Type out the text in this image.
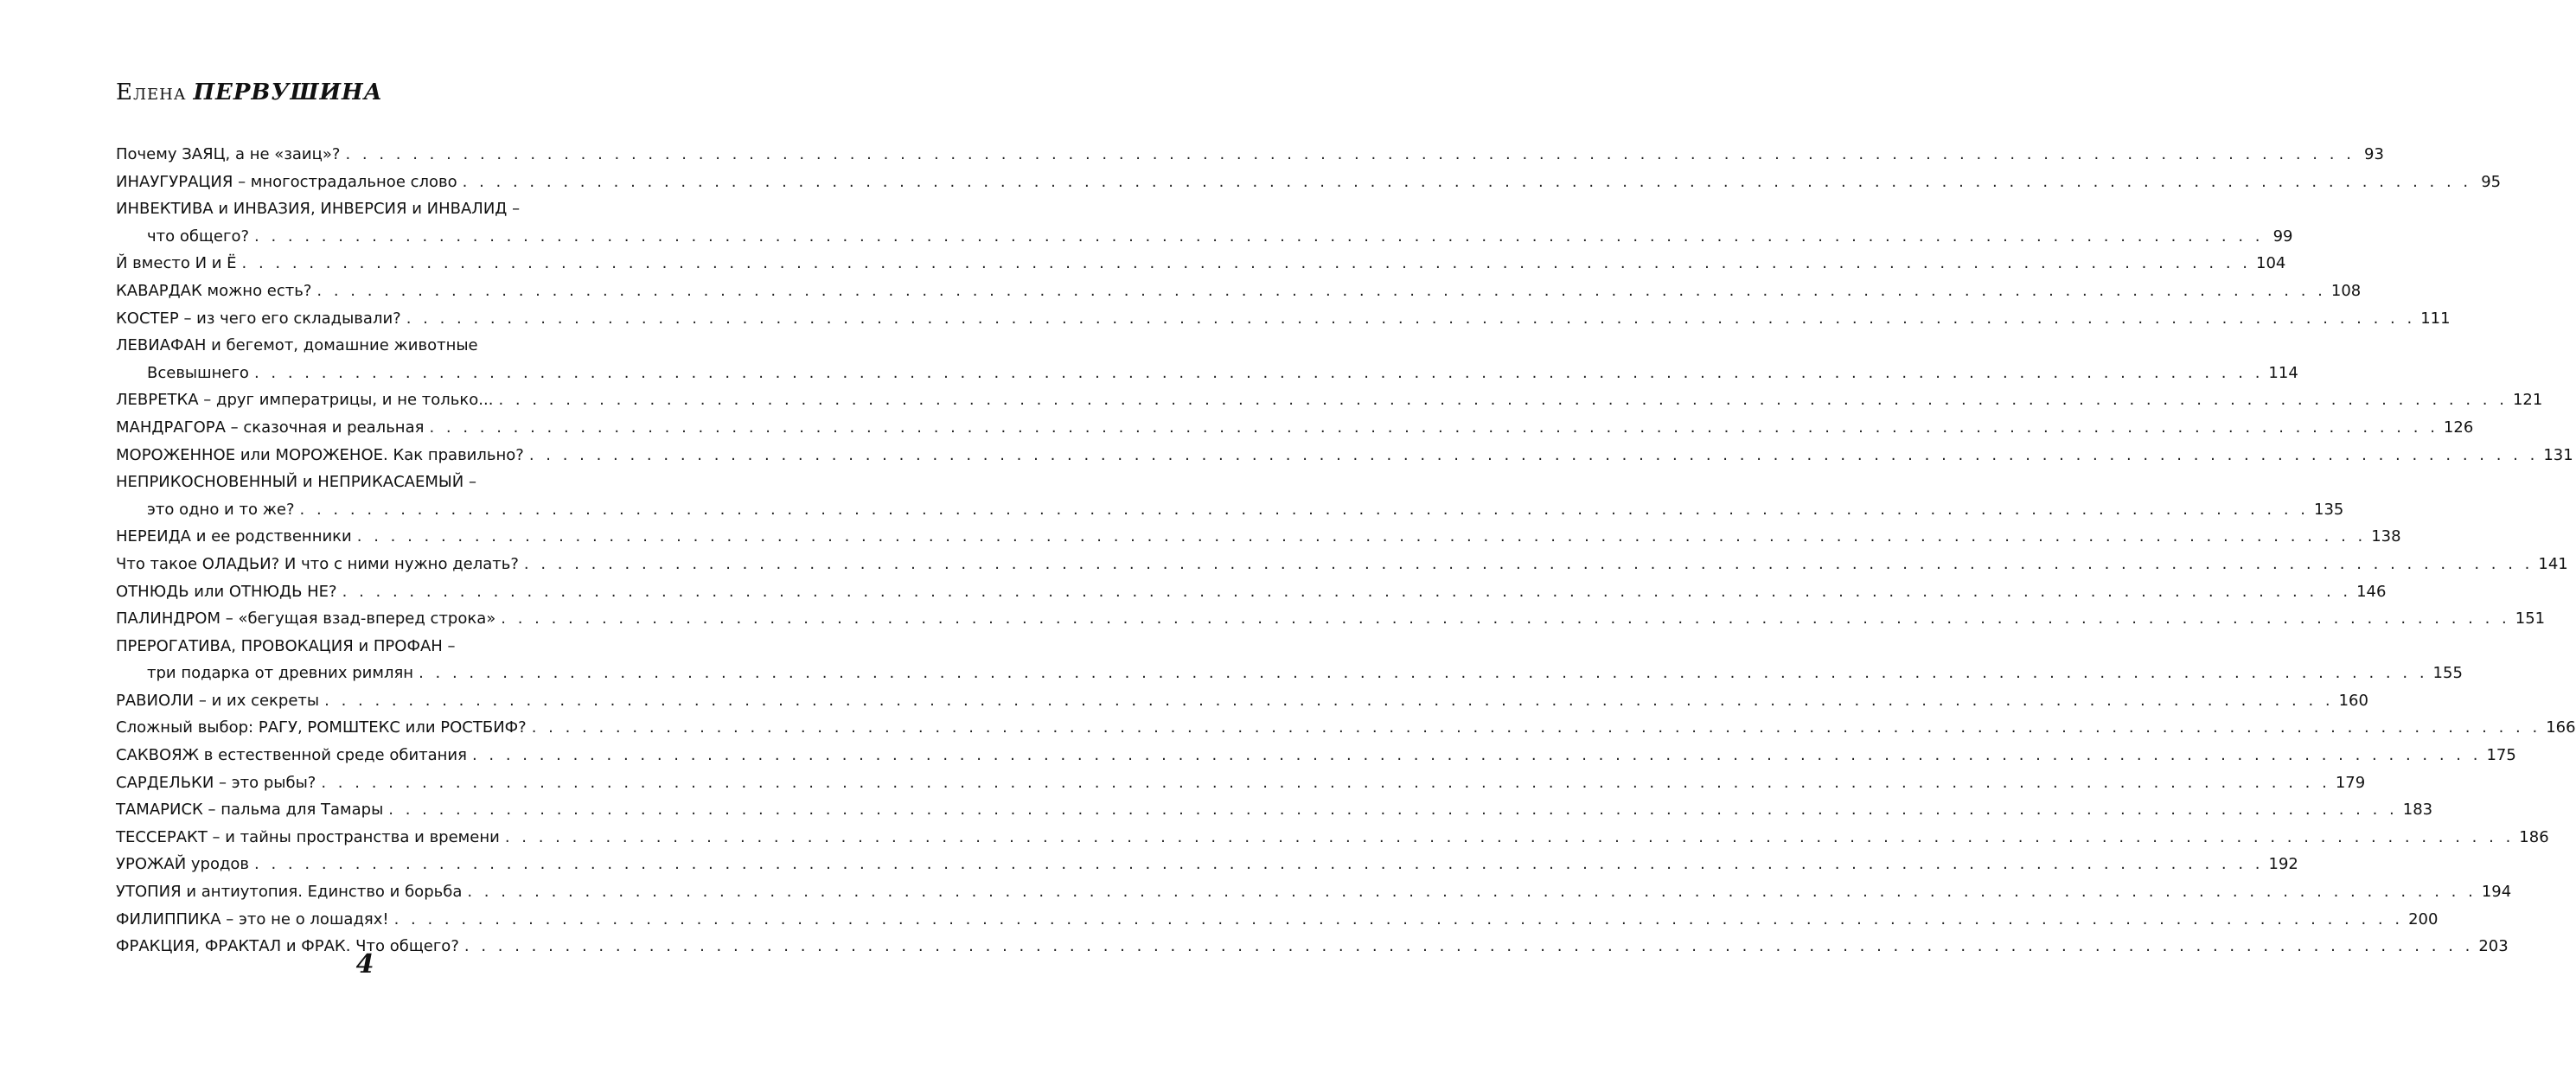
Елена ПЕРВУШИНА
Почему ЗАЯЦ, а не «заиц»? . . . . . . . . . . . . . . . . . . . . . . . . . . . . . . . . . . . . . . . . . . . . . . . . . . . . . . . . . . . . . . . . . . . . . . . . . . . . . . . . . . . . . . . . . . . . . . . . . . . . . . . . . . . . . . . . . . . . . . . . 93
ИНАУГУРАЦИЯ – многострадальное слово . . . . . . . . . . . . . . . . . . . . . . . . . . . . . . . . . . . . . . . . . . . . . . . . . . . . . . . . . . . . . . . . . . . . . . . . . . . . . . . . . . . . . . . . . . . . . . . . . . . . . . . . . . . . . . . . . . . . . . . . 95
ИНВЕКТИВА и ИНВАЗИЯ, ИНВЕРСИЯ и ИНВАЛИД –
что общего? . . . . . . . . . . . . . . . . . . . . . . . . . . . . . . . . . . . . . . . . . . . . . . . . . . . . . . . . . . . . . . . . . . . . . . . . . . . . . . . . . . . . . . . . . . . . . . . . . . . . . . . . . . . . . . . . . . . . . . . . 99
Й вместо И и Ё . . . . . . . . . . . . . . . . . . . . . . . . . . . . . . . . . . . . . . . . . . . . . . . . . . . . . . . . . . . . . . . . . . . . . . . . . . . . . . . . . . . . . . . . . . . . . . . . . . . . . . . . . . . . . . . . . . . . . . . . 104
КАВАРДАК можно есть? . . . . . . . . . . . . . . . . . . . . . . . . . . . . . . . . . . . . . . . . . . . . . . . . . . . . . . . . . . . . . . . . . . . . . . . . . . . . . . . . . . . . . . . . . . . . . . . . . . . . . . . . . . . . . . . . . . . . . . . . 108
КОСТЕР – из чего его складывали? . . . . . . . . . . . . . . . . . . . . . . . . . . . . . . . . . . . . . . . . . . . . . . . . . . . . . . . . . . . . . . . . . . . . . . . . . . . . . . . . . . . . . . . . . . . . . . . . . . . . . . . . . . . . . . . . . . . . . . . . 111
ЛЕВИАФАН и бегемот, домашние животные
Всевышнего . . . . . . . . . . . . . . . . . . . . . . . . . . . . . . . . . . . . . . . . . . . . . . . . . . . . . . . . . . . . . . . . . . . . . . . . . . . . . . . . . . . . . . . . . . . . . . . . . . . . . . . . . . . . . . . . . . . . . . . . 114
ЛЕВРЕТКА – друг императрицы, и не только... . . . . . . . . . . . . . . . . . . . . . . . . . . . . . . . . . . . . . . . . . . . . . . . . . . . . . . . . . . . . . . . . . . . . . . . . . . . . . . . . . . . . . . . . . . . . . . . . . . . . . . . . . . . . . . . . . . . . . . . . 121
МАНДРАГОРА – сказочная и реальная . . . . . . . . . . . . . . . . . . . . . . . . . . . . . . . . . . . . . . . . . . . . . . . . . . . . . . . . . . . . . . . . . . . . . . . . . . . . . . . . . . . . . . . . . . . . . . . . . . . . . . . . . . . . . . . . . . . . . . . . 126
МОРОЖЕННОЕ или МОРОЖЕНОЕ. Как правильно? . . . . . . . . . . . . . . . . . . . . . . . . . . . . . . . . . . . . . . . . . . . . . . . . . . . . . . . . . . . . . . . . . . . . . . . . . . . . . . . . . . . . . . . . . . . . . . . . . . . . . . . . . . . . . . . . . . . . . . . . 131
НЕПРИКОСНОВЕННЫЙ и НЕПРИКАСАЕМЫЙ –
это одно и то же? . . . . . . . . . . . . . . . . . . . . . . . . . . . . . . . . . . . . . . . . . . . . . . . . . . . . . . . . . . . . . . . . . . . . . . . . . . . . . . . . . . . . . . . . . . . . . . . . . . . . . . . . . . . . . . . . . . . . . . . . 135
НЕРЕИДА и ее родственники . . . . . . . . . . . . . . . . . . . . . . . . . . . . . . . . . . . . . . . . . . . . . . . . . . . . . . . . . . . . . . . . . . . . . . . . . . . . . . . . . . . . . . . . . . . . . . . . . . . . . . . . . . . . . . . . . . . . . . . . 138
Что такое ОЛАДЬИ? И что с ними нужно делать? . . . . . . . . . . . . . . . . . . . . . . . . . . . . . . . . . . . . . . . . . . . . . . . . . . . . . . . . . . . . . . . . . . . . . . . . . . . . . . . . . . . . . . . . . . . . . . . . . . . . . . . . . . . . . . . . . . . . . . . . 141
ОТНЮДЬ или ОТНЮДЬ НЕ? . . . . . . . . . . . . . . . . . . . . . . . . . . . . . . . . . . . . . . . . . . . . . . . . . . . . . . . . . . . . . . . . . . . . . . . . . . . . . . . . . . . . . . . . . . . . . . . . . . . . . . . . . . . . . . . . . . . . . . . . 146
ПАЛИНДРОМ – «бегущая взад-вперед строка» . . . . . . . . . . . . . . . . . . . . . . . . . . . . . . . . . . . . . . . . . . . . . . . . . . . . . . . . . . . . . . . . . . . . . . . . . . . . . . . . . . . . . . . . . . . . . . . . . . . . . . . . . . . . . . . . . . . . . . . . 151
ПРЕРОГАТИВА, ПРОВОКАЦИЯ и ПРОФАН –
три подарка от древних римлян . . . . . . . . . . . . . . . . . . . . . . . . . . . . . . . . . . . . . . . . . . . . . . . . . . . . . . . . . . . . . . . . . . . . . . . . . . . . . . . . . . . . . . . . . . . . . . . . . . . . . . . . . . . . . . . . . . . . . . . . 155
РАВИОЛИ – и их секреты . . . . . . . . . . . . . . . . . . . . . . . . . . . . . . . . . . . . . . . . . . . . . . . . . . . . . . . . . . . . . . . . . . . . . . . . . . . . . . . . . . . . . . . . . . . . . . . . . . . . . . . . . . . . . . . . . . . . . . . . 160
Сложный выбор: РАГУ, РОМШТЕКС или РОСТБИФ? . . . . . . . . . . . . . . . . . . . . . . . . . . . . . . . . . . . . . . . . . . . . . . . . . . . . . . . . . . . . . . . . . . . . . . . . . . . . . . . . . . . . . . . . . . . . . . . . . . . . . . . . . . . . . . . . . . . . . . . . 166
САКВОЯЖ в естественной среде обитания . . . . . . . . . . . . . . . . . . . . . . . . . . . . . . . . . . . . . . . . . . . . . . . . . . . . . . . . . . . . . . . . . . . . . . . . . . . . . . . . . . . . . . . . . . . . . . . . . . . . . . . . . . . . . . . . . . . . . . . . 175
САРДЕЛЬКИ – это рыбы? . . . . . . . . . . . . . . . . . . . . . . . . . . . . . . . . . . . . . . . . . . . . . . . . . . . . . . . . . . . . . . . . . . . . . . . . . . . . . . . . . . . . . . . . . . . . . . . . . . . . . . . . . . . . . . . . . . . . . . . . 179
ТАМАРИСК – пальма для Тамары . . . . . . . . . . . . . . . . . . . . . . . . . . . . . . . . . . . . . . . . . . . . . . . . . . . . . . . . . . . . . . . . . . . . . . . . . . . . . . . . . . . . . . . . . . . . . . . . . . . . . . . . . . . . . . . . . . . . . . . . 183
ТЕССЕРАКТ – и тайны пространства и времени . . . . . . . . . . . . . . . . . . . . . . . . . . . . . . . . . . . . . . . . . . . . . . . . . . . . . . . . . . . . . . . . . . . . . . . . . . . . . . . . . . . . . . . . . . . . . . . . . . . . . . . . . . . . . . . . . . . . . . . . 186
УРОЖАЙ уродов . . . . . . . . . . . . . . . . . . . . . . . . . . . . . . . . . . . . . . . . . . . . . . . . . . . . . . . . . . . . . . . . . . . . . . . . . . . . . . . . . . . . . . . . . . . . . . . . . . . . . . . . . . . . . . . . . . . . . . . . 192
УТОПИЯ и антиутопия. Единство и борьба . . . . . . . . . . . . . . . . . . . . . . . . . . . . . . . . . . . . . . . . . . . . . . . . . . . . . . . . . . . . . . . . . . . . . . . . . . . . . . . . . . . . . . . . . . . . . . . . . . . . . . . . . . . . . . . . . . . . . . . . 194
ФИЛИППИКА – это не о лошадях! . . . . . . . . . . . . . . . . . . . . . . . . . . . . . . . . . . . . . . . . . . . . . . . . . . . . . . . . . . . . . . . . . . . . . . . . . . . . . . . . . . . . . . . . . . . . . . . . . . . . . . . . . . . . . . . . . . . . . . . . 200
ФРАКЦИЯ, ФРАКТАЛ и ФРАК. Что общего? . . . . . . . . . . . . . . . . . . . . . . . . . . . . . . . . . . . . . . . . . . . . . . . . . . . . . . . . . . . . . . . . . . . . . . . . . . . . . . . . . . . . . . . . . . . . . . . . . . . . . . . . . . . . . . . . . . . . . . . . 203
4
